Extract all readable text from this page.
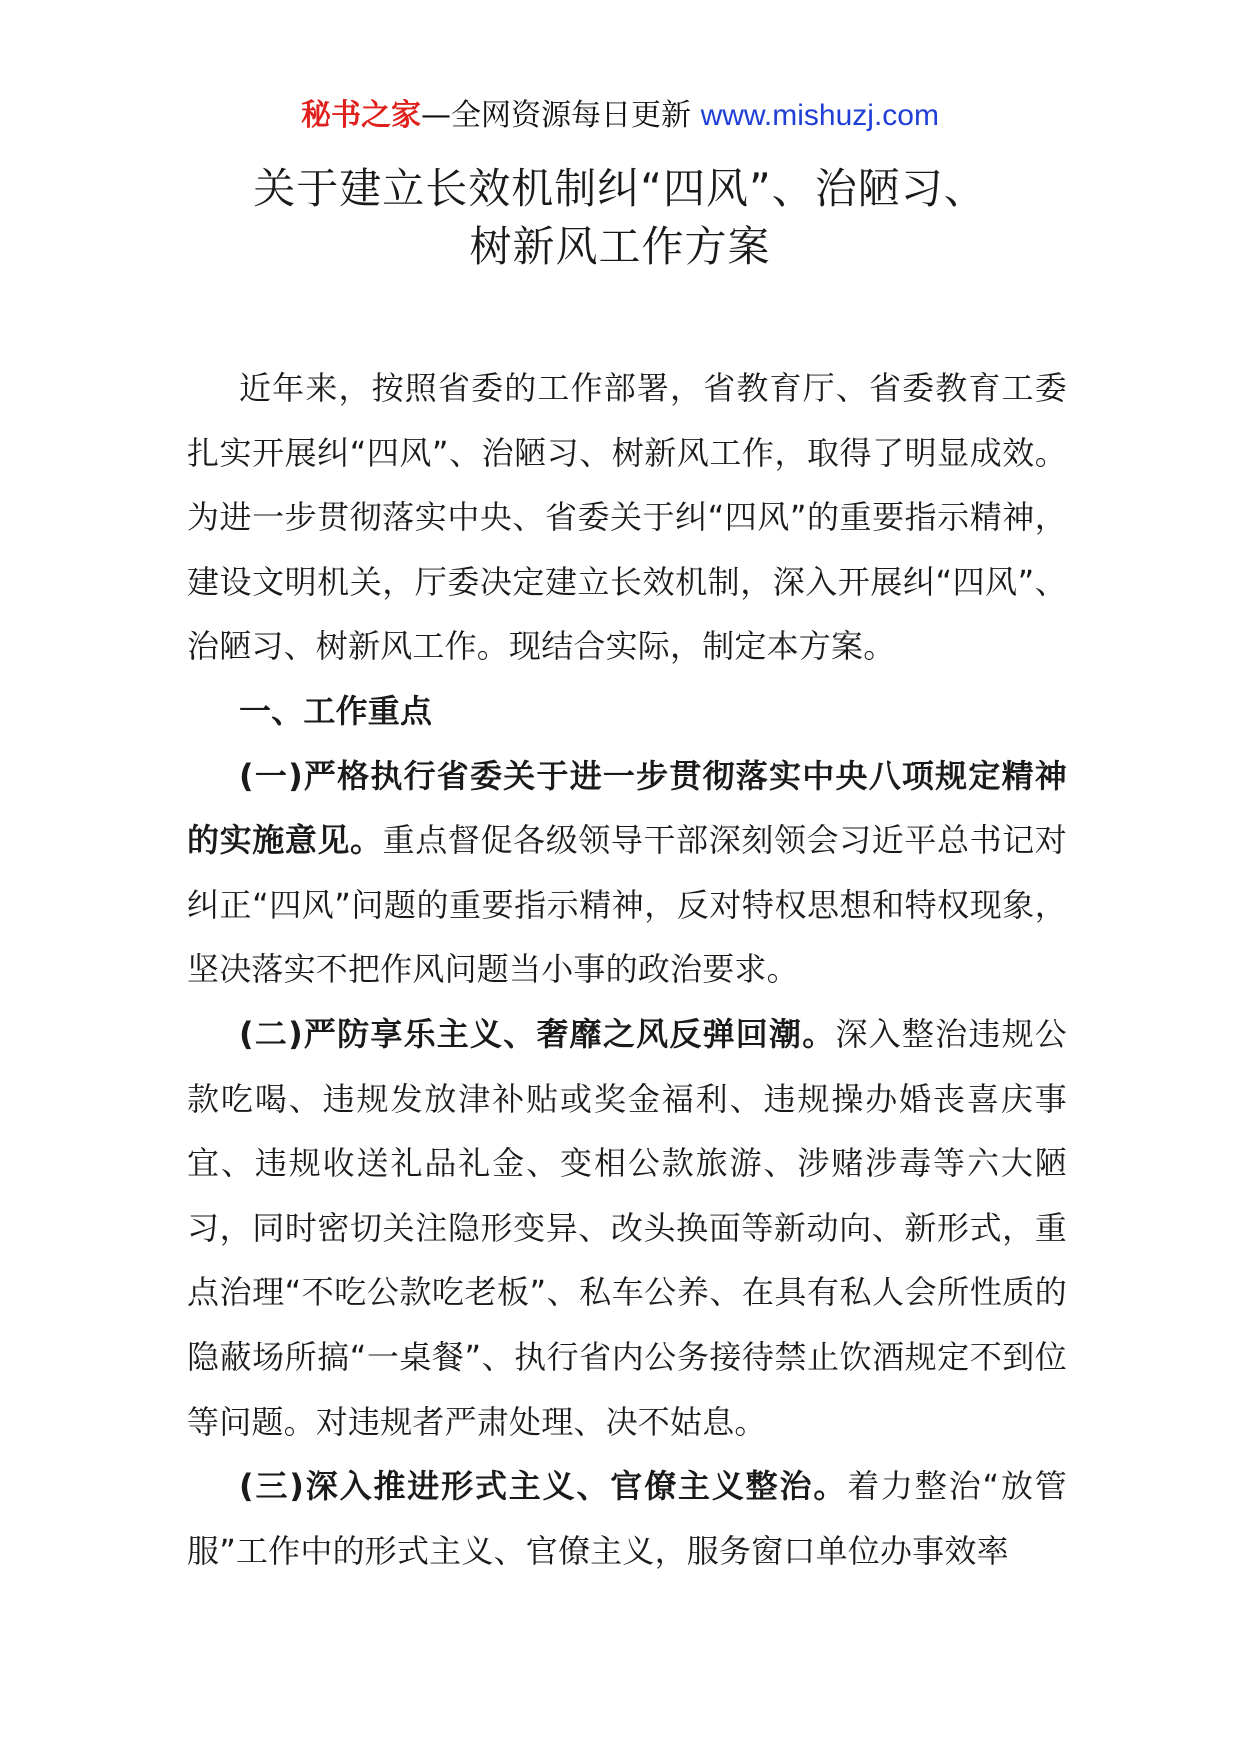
秘书之家—全网资源每日更新 www.mishuzj.com
关于建立长效机制纠“四风”、治陋习、
树新风工作方案

近年来，按照省委的工作部署，省教育厅、省委教育工委扎实开展纠“四风”、治陋习、树新风工作，取得了明显成效。为进一步贯彻落实中央、省委关于纠“四风”的重要指示精神，建设文明机关，厅委决定建立长效机制，深入开展纠“四风”、治陋习、树新风工作。现结合实际，制定本方案。

一、工作重点

(一)严格执行省委关于进一步贯彻落实中央八项规定精神的实施意见。重点督促各级领导干部深刻领会习近平总书记对纠正“四风”问题的重要指示精神，反对特权思想和特权现象，坚决落实不把作风问题当小事的政治要求。

(二)严防享乐主义、奢靡之风反弹回潮。深入整治违规公款吃喝、违规发放津补贴或奖金福利、违规操办婚丧喜庆事宜、违规收送礼品礼金、变相公款旅游、涉赌涉毒等六大陋习，同时密切关注隐形变异、改头换面等新动向、新形式，重点治理“不吃公款吃老板”、私车公养、在具有私人会所性质的隐蔽场所搞“一桌餐”、执行省内公务接待禁止饮酒规定不到位等问题。对违规者严肃处理、决不姑息。

(三)深入推进形式主义、官僚主义整治。着力整治“放管服”工作中的形式主义、官僚主义，服务窗口单位办事效率
